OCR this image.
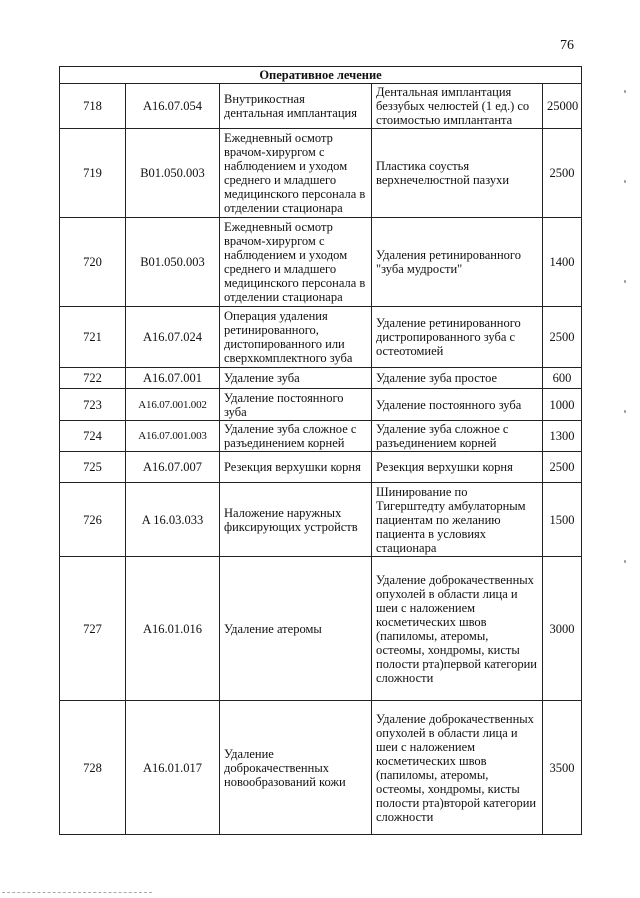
76
Оперативное лечение				
718	A16.07.054	Внутрикостная дентальная имплантация	Дентальная имплантация беззубых челюстей (1 ед.) со стоимостью имплантанта	25000
719	B01.050.003	Ежедневный осмотр врачом-хирургом с наблюдением и уходом среднего и младшего медицинского персонала в отделении стационара	Пластика соустья верхнечелюстной пазухи	2500
720	B01.050.003	Ежедневный осмотр врачом-хирургом с наблюдением и уходом среднего и младшего медицинского персонала в отделении стационара	Удаления ретинированного "зуба мудрости"	1400
721	A16.07.024	Операция удаления ретинированного, дистопированного или сверхкомплектного зуба	Удаление ретинированного дистропированного зуба с остеотомией	2500
722	A16.07.001	Удаление зуба	Удаление зуба простое	600
723	A16.07.001.002	Удаление постоянного зуба	Удаление постоянного зуба	1000
724	A16.07.001.003	Удаление зуба сложное с разъединением корней	Удаление зуба сложное с разъединением корней	1300
725	A16.07.007	Резекция верхушки корня	Резекция верхушки корня	2500
726	A 16.03.033	Наложение наружных фиксирующих устройств	Шинирование по Тигерштедту амбулаторным пациентам по желанию пациента в условиях стационара	1500
727	A16.01.016	Удаление атеромы	Удаление доброкачественных опухолей в области лица и шеи с наложением косметических швов (папиломы, атеромы, остеомы, хондромы, кисты полости рта)первой категории сложности	3000
728	A16.01.017	Удаление доброкачественных новообразований кожи	Удаление доброкачественных опухолей в области лица и шеи с наложением косметических швов (папиломы, атеромы, остеомы, хондромы, кисты полости рта)второй категории сложности	3500
